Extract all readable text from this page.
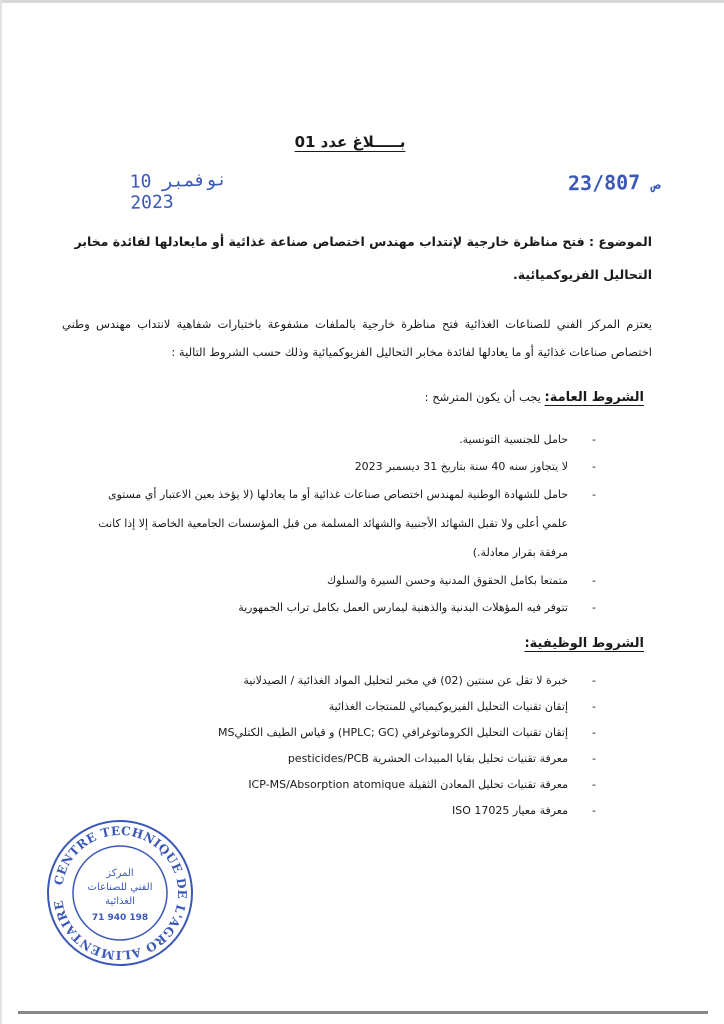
بـــــلاغ عدد 01
10 نوفمبر 2023
ص 23/807
الموضوع : فتح مناظرة خارجية لإنتداب مهندس اختصاص صناعة غذائية أو مايعادلها لفائدة مخابر التحاليل الفزيوكميائية.
يعتزم المركز الفني للصناعات الغذائية فتح مناظرة خارجية بالملفات مشفوعة باختبارات شفاهية لانتداب مهندس وطني اختصاص صناعات غذائية أو ما يعادلها لفائدة مخابر التحاليل الفزيوكميائية وذلك حسب الشروط التالية :
الشروط العامة: يجب أن يكون المترشح :
- حامل للجنسية التونسية.
- لا يتجاوز سنه 40 سنة بتاريخ 31 ديسمبر 2023
- حامل للشهادة الوطنية لمهندس اختصاص صناعات غذائية أو ما يعادلها (لا يؤخذ بعين الاعتبار أي مستوى علمي أعلى ولا تقبل الشهائد الأجنبية والشهائد المسلمة من قبل المؤسسات الجامعية الخاصة إلا إذا كانت مرفقة بقرار معادلة.)
- متمتعا بكامل الحقوق المدنية وحسن السيرة والسلوك
- تتوفر فيه المؤهلات البدنية والذهنية ليمارس العمل بكامل تراب الجمهورية
الشروط الوظيفية:
- خبرة لا تقل عن سنتين (02) في مخبر لتحليل المواد الغذائية / الصيدلانية
- إتقان تقنيات التحليل الفيزيوكيميائي للمنتجات الغذائية
- إتقان تقنيات التحليل الكروماتوغرافي (HPLC; GC) و قياس الطيف الكتليMS
- معرفة تقنيات تحليل بقايا المبيدات الحشرية pesticides/PCB
- معرفة تقنيات تحليل المعادن الثقيلة ICP-MS/Absorption atomique
- معرفة معيار ISO 17025
CENTRE TECHNIQUE DE L'AGRO ALIMENTAIRE
المركز
الفني للصناعات
الغذائية
71 940 198
